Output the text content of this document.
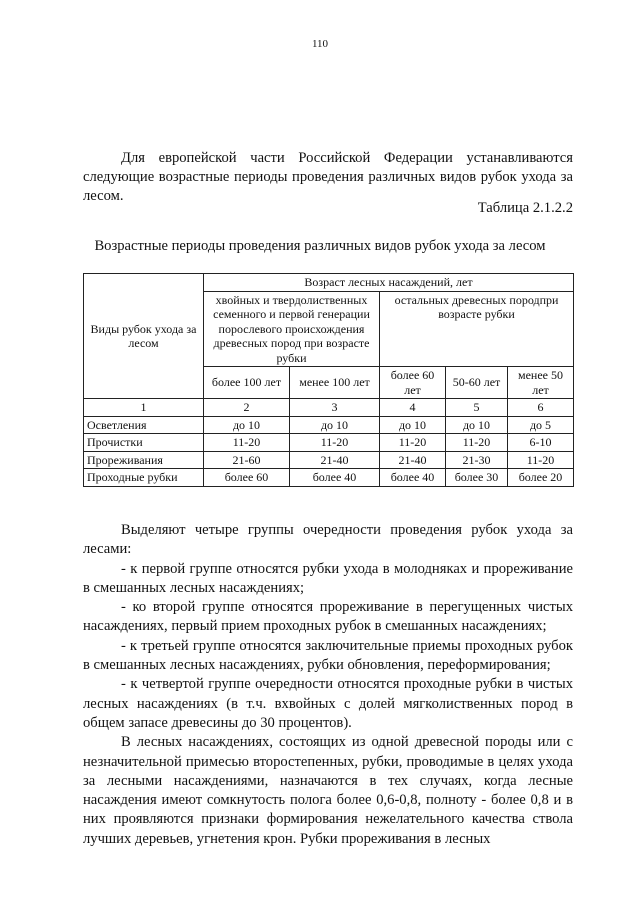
110

Для европейской части Российской Федерации устанавливаются следующие возрастные периоды проведения различных видов рубок ухода за лесом.

Таблица 2.1.2.2
Возрастные периоды проведения различных видов рубок ухода за лесом
Виды рубок ухода за лесом	Возраст лесных насаждений, лет				
	хвойных и твердолиственных семенного и первой генерации порослевого происхождения древесных пород при возрасте рубки		остальных древесных породпри возрасте рубки		
	более 100 лет	менее 100 лет	более 60 лет	50-60 лет	менее 50 лет
1	2	3	4	5	6
Осветления	до 10	до 10	до 10	до 10	до 5
Прочистки	11-20	11-20	11-20	11-20	6-10
Прореживания	21-60	21-40	21-40	21-30	11-20
Проходные рубки	более 60	более 40	более 40	более 30	более 20

Выделяют четыре группы очередности проведения рубок ухода за лесами:

- к первой группе относятся рубки ухода в молодняках и прореживание в смешанных лесных насаждениях;

- ко второй группе относятся прореживание в перегущенных чистых насаждениях, первый прием проходных рубок в смешанных насаждениях;

- к третьей группе относятся заключительные приемы проходных рубок в смешанных лесных насаждениях, рубки обновления, переформирования;

- к четвертой группе очередности относятся проходные рубки в чистых лесных насаждениях (в т.ч. вхвойных с долей мягколиственных пород в общем запасе древесины до 30 процентов).

В лесных насаждениях, состоящих из одной древесной породы или с незначительной примесью второстепенных, рубки, проводимые в целях ухода за лесными насаждениями, назначаются в тех случаях, когда лесные насаждения имеют сомкнутость полога более 0,6-0,8, полноту - более 0,8 и в них проявляются признаки формирования нежелательного качества ствола лучших деревьев, угнетения крон. Рубки прореживания в лесных
